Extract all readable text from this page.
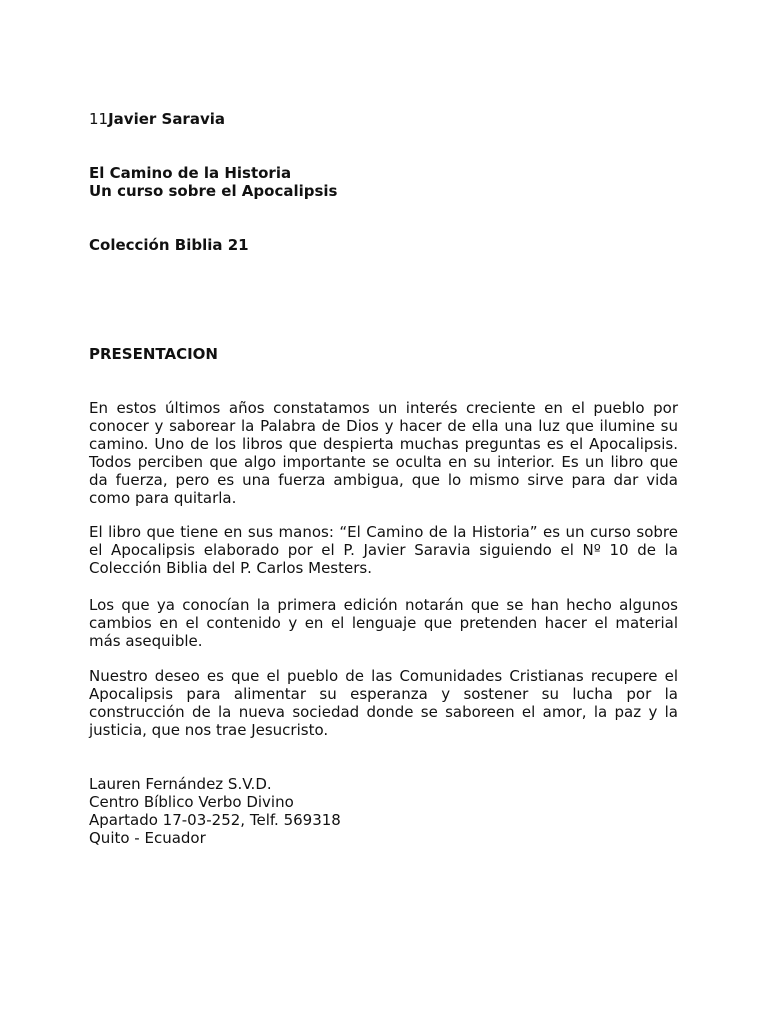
11Javier Saravia
El Camino de la Historia
Un curso sobre el Apocalipsis
Colección Biblia 21
PRESENTACION

En estos últimos años constatamos un interés creciente en el pueblo por conocer y saborear la Palabra de Dios y hacer de ella una luz que ilumine su camino. Uno de los libros que despierta muchas preguntas es el Apocalipsis. Todos perciben que algo importante se oculta en su interior. Es un libro que da fuerza, pero es una fuerza ambigua, que lo mismo sirve para dar vida como para quitarla.

El libro que tiene en sus manos: “El Camino de la Historia” es un curso sobre el Apocalipsis elaborado por el P. Javier Saravia siguiendo el Nº 10 de la Colección Biblia del P. Carlos Mesters.

Los que ya conocían la primera edición notarán que se han hecho algunos cambios en el contenido y en el lenguaje que pretenden hacer el material más asequible.

Nuestro deseo es que el pueblo de las Comunidades Cristianas recupere el Apocalipsis para alimentar su esperanza y sostener su lucha por la construcción de la nueva sociedad donde se saboreen el amor, la paz y la justicia, que nos trae Jesucristo.

Lauren Fernández S.V.D.
Centro Bíblico Verbo Divino
Apartado 17-03-252, Telf. 569318
Quito - Ecuador
